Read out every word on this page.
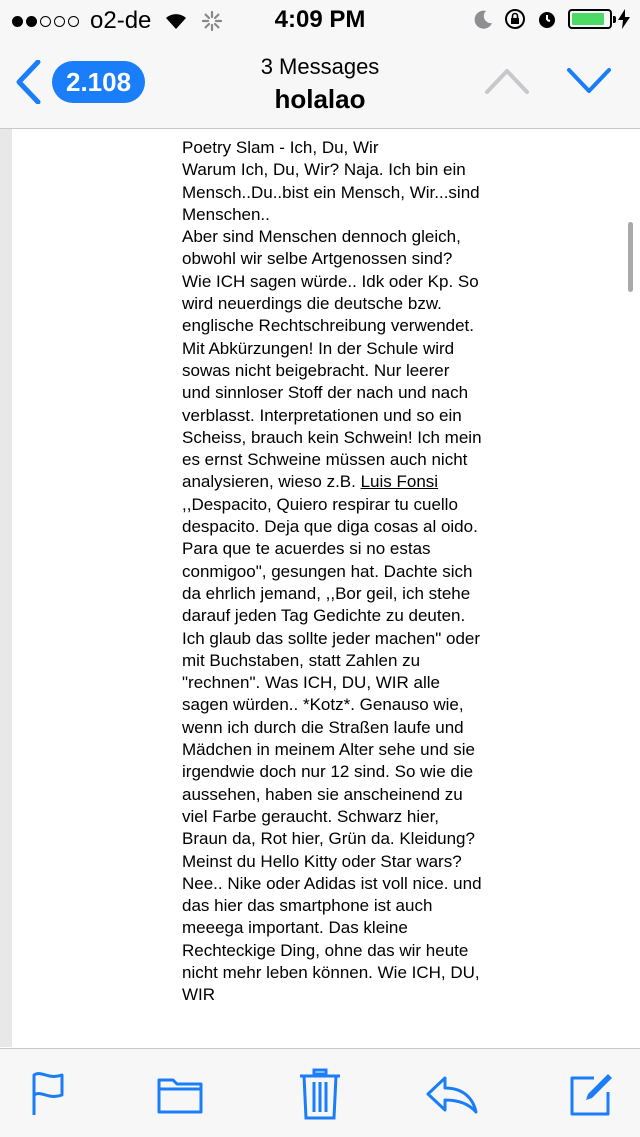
o2-de	4:09 PM
2.108
3 Messages
holalao
Poetry Slam - Ich, Du, Wir
Warum Ich, Du, Wir? Naja. Ich bin ein Mensch..Du..bist ein Mensch, Wir...sind Menschen..
Aber sind Menschen dennoch gleich, obwohl wir selbe Artgenossen sind? Wie ICH sagen würde.. Idk oder Kp. So wird neuerdings die deutsche bzw. englische Rechtschreibung verwendet. Mit Abkürzungen! In der Schule wird sowas nicht beigebracht. Nur leerer und sinnloser Stoff der nach und nach verblasst. Interpretationen und so ein Scheiss, brauch kein Schwein! Ich mein es ernst Schweine müssen auch nicht analysieren, wieso z.B. Luis Fonsi
,,Despacito, Quiero respirar tu cuello despacito. Deja que diga cosas al oido. Para que te acuerdes si no estas conmigoo", gesungen hat. Dachte sich da ehrlich jemand, ,,Bor geil, ich stehe darauf jeden Tag Gedichte zu deuten. Ich glaub das sollte jeder machen" oder mit Buchstaben, statt Zahlen zu "rechnen". Was ICH, DU, WIR alle sagen würden.. *Kotz*. Genauso wie, wenn ich durch die Straßen laufe und Mädchen in meinem Alter sehe und sie irgendwie doch nur 12 sind. So wie die aussehen, haben sie anscheinend zu viel Farbe geraucht. Schwarz hier, Braun da, Rot hier, Grün da. Kleidung? Meinst du Hello Kitty oder Star wars? Nee.. Nike oder Adidas ist voll nice. und das hier das smartphone ist auch meeega important. Das kleine Rechteckige Ding, ohne das wir heute nicht mehr leben können. Wie ICH, DU, WIR
